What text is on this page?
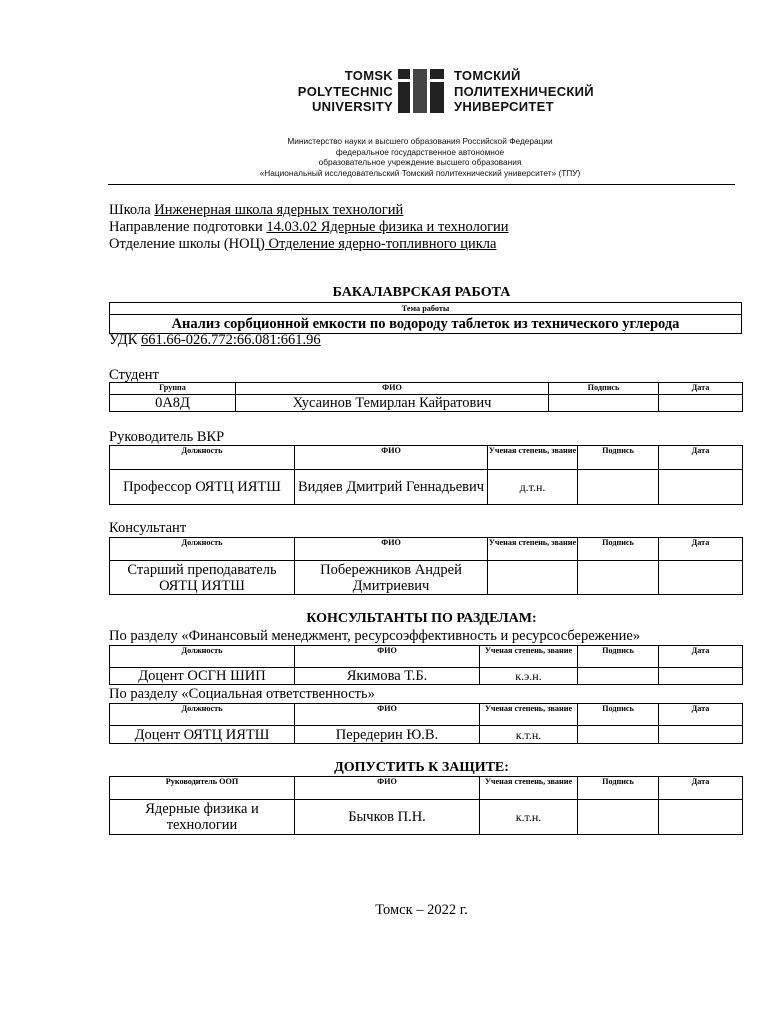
TOMSK
POLYTECHNIC
UNIVERSITY
ТОМСКИЙ
ПОЛИТЕХНИЧЕСКИЙ
УНИВЕРСИТЕТ
Министерство науки и высшего образования Российской Федерации
федеральное государственное автономное
образовательное учреждение высшего образования
«Национальный исследовательский Томский политехнический университет» (ТПУ)
Школа Инженерная школа ядерных технологий
Направление подготовки 14.03.02 Ядерные физика и технологии
Отделение школы (НОЦ) Отделение ядерно-топливного цикла
БАКАЛАВРСКАЯ РАБОТА
Тема работы
Анализ сорбционной емкости по водороду таблеток из технического углерода
УДК 661.66-026.772:66.081:661.96
Студент
Группа	ФИО	Подпись	Дата
0А8Д	Хусаинов Темирлан Кайратович		
Руководитель ВКР
Должность	ФИО	Ученая степень, звание	Подпись	Дата
Профессор ОЯТЦ ИЯТШ	Видяев Дмитрий Геннадьевич	д.т.н.		
Консультант
Должность	ФИО	Ученая степень, звание	Подпись	Дата
Старший преподаватель ОЯТЦ ИЯТШ	Побережников Андрей Дмитриевич			
КОНСУЛЬТАНТЫ ПО РАЗДЕЛАМ:
По разделу «Финансовый менеджмент, ресурсоэффективность и ресурсосбережение»
Должность	ФИО	Ученая степень, звание	Подпись	Дата
Доцент ОСГН ШИП	Якимова Т.Б.	к.э.н.		
По разделу «Социальная ответственность»
Должность	ФИО	Ученая степень, звание	Подпись	Дата
Доцент ОЯТЦ ИЯТШ	Передерин Ю.В.	к.т.н.		
ДОПУСТИТЬ К ЗАЩИТЕ:
Руководитель ООП	ФИО	Ученая степень, звание	Подпись	Дата
Ядерные физика и технологии	Бычков П.Н.	к.т.н.		
Томск – 2022 г.
